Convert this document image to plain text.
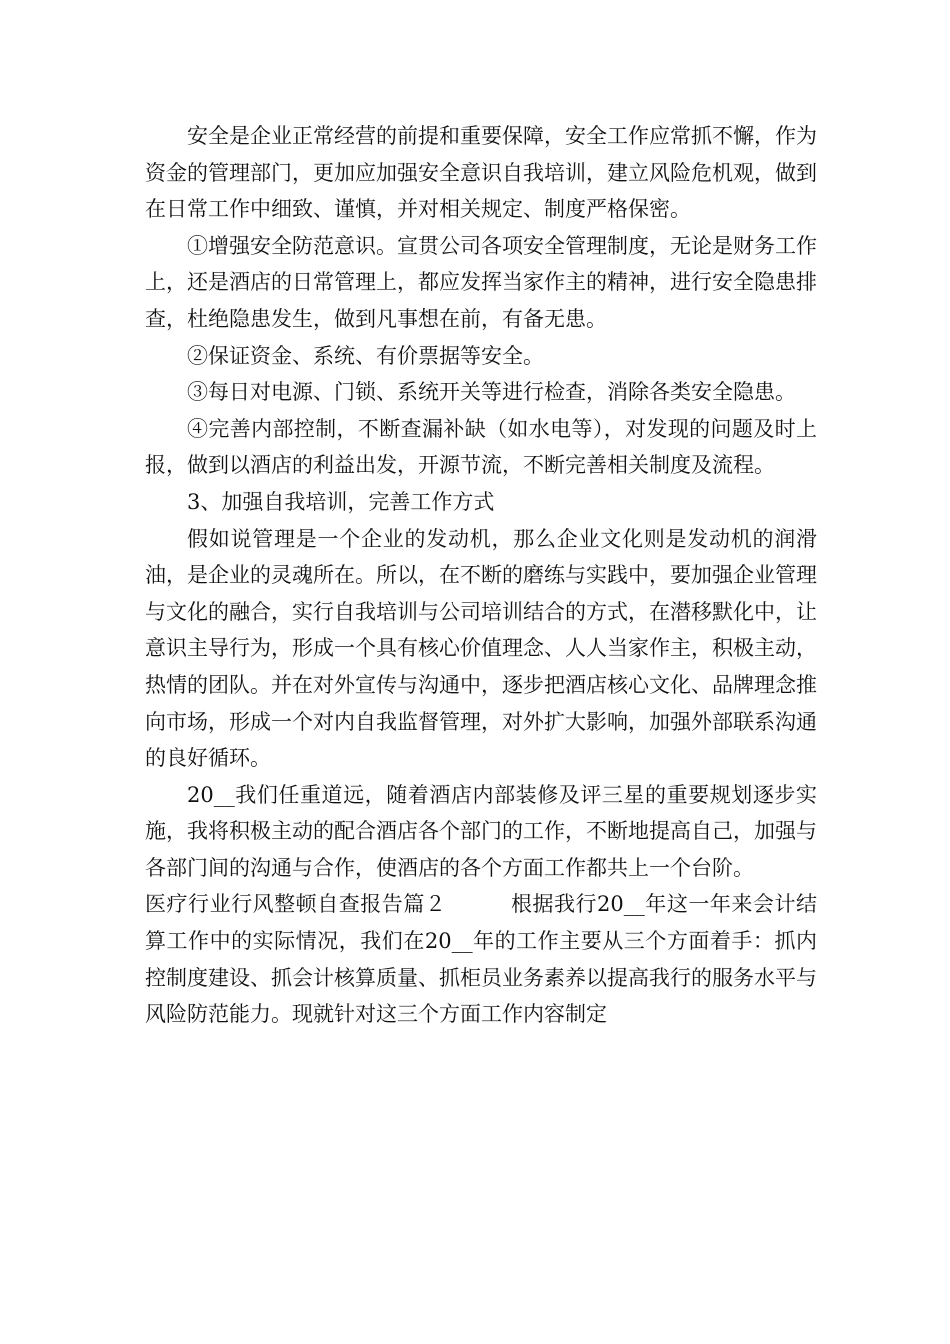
安全是企业正常经营的前提和重要保障，安全工作应常抓不懈，作为资金的管理部门，更加应加强安全意识自我培训，建立风险危机观，做到在日常工作中细致、谨慎，并对相关规定、制度严格保密。

①增强安全防范意识。宣贯公司各项安全管理制度，无论是财务工作上，还是酒店的日常管理上，都应发挥当家作主的精神，进行安全隐患排查，杜绝隐患发生，做到凡事想在前，有备无患。

②保证资金、系统、有价票据等安全。

③每日对电源、门锁、系统开关等进行检查，消除各类安全隐患。

④完善内部控制，不断查漏补缺（如水电等），对发现的问题及时上报，做到以酒店的利益出发，开源节流，不断完善相关制度及流程。

3、加强自我培训，完善工作方式

假如说管理是一个企业的发动机，那么企业文化则是发动机的润滑油，是企业的灵魂所在。所以，在不断的磨练与实践中，要加强企业管理与文化的融合，实行自我培训与公司培训结合的方式，在潜移默化中，让意识主导行为，形成一个具有核心价值理念、人人当家作主，积极主动，热情的团队。并在对外宣传与沟通中，逐步把酒店核心文化、品牌理念推向市场，形成一个对内自我监督管理，对外扩大影响，加强外部联系沟通的良好循环。

20__我们任重道远，随着酒店内部装修及评三星的重要规划逐步实施，我将积极主动的配合酒店各个部门的工作，不断地提高自己，加强与各部门间的沟通与合作，使酒店的各个方面工作都共上一个台阶。

医疗行业行风整顿自查报告篇２　　　根据我行20__年这一年来会计结算工作中的实际情况，我们在20__年的工作主要从三个方面着手：抓内控制度建设、抓会计核算质量、抓柜员业务素养以提高我行的服务水平与风险防范能力。现就针对这三个方面工作内容制定
